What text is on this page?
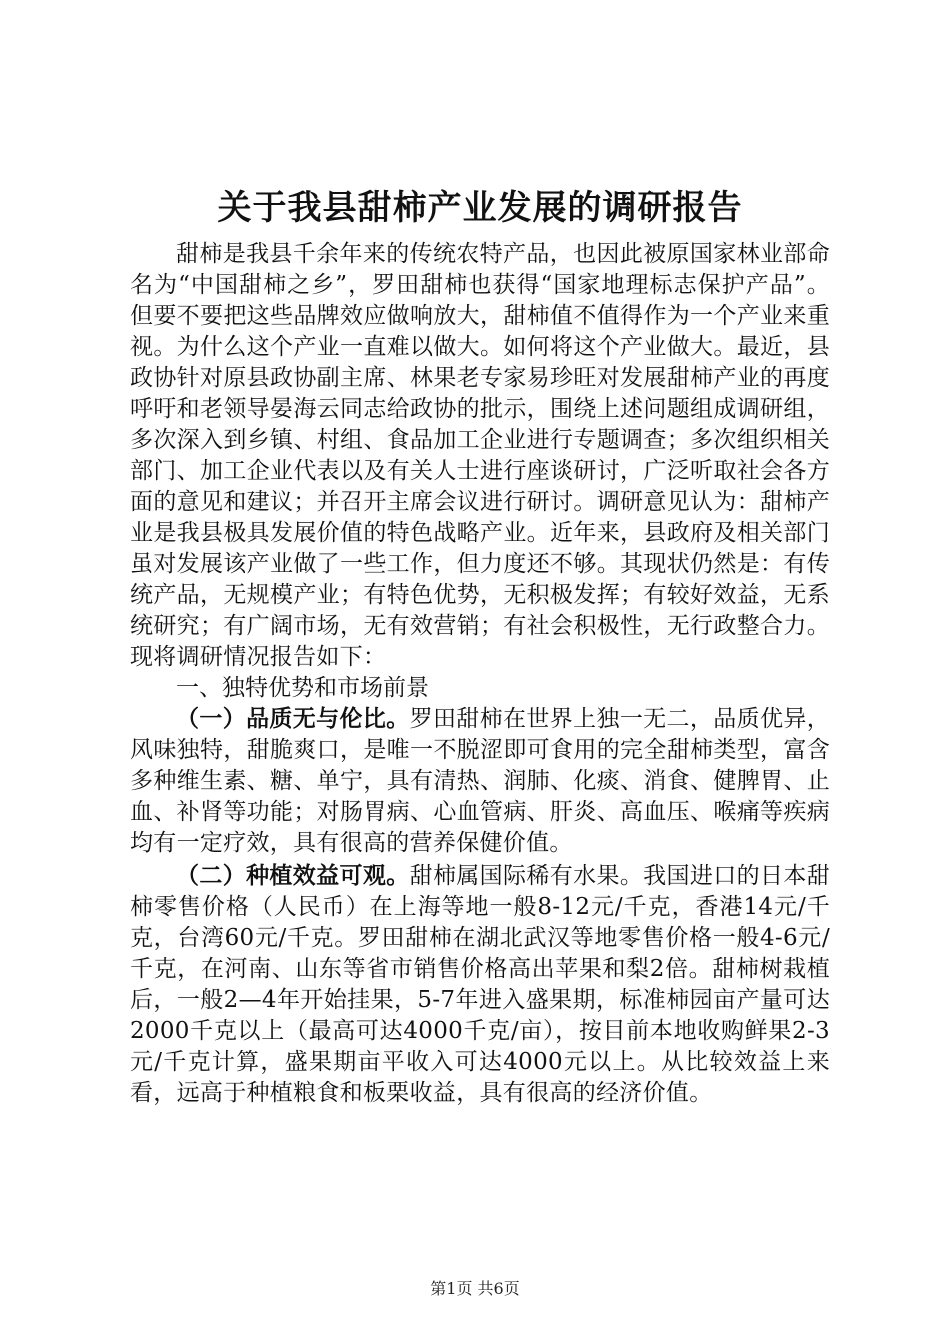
关于我县甜柿产业发展的调研报告

甜柿是我县千余年来的传统农特产品，也因此被原国家林业部命名为“中国甜柿之乡”，罗田甜柿也获得“国家地理标志保护产品”。但要不要把这些品牌效应做响放大，甜柿值不值得作为一个产业来重视。为什么这个产业一直难以做大。如何将这个产业做大。最近，县政协针对原县政协副主席、林果老专家易珍旺对发展甜柿产业的再度呼吁和老领导晏海云同志给政协的批示，围绕上述问题组成调研组，多次深入到乡镇、村组、食品加工企业进行专题调查；多次组织相关部门、加工企业代表以及有关人士进行座谈研讨，广泛听取社会各方面的意见和建议；并召开主席会议进行研讨。调研意见认为：甜柿产业是我县极具发展价值的特色战略产业。近年来，县政府及相关部门虽对发展该产业做了一些工作，但力度还不够。其现状仍然是：有传统产品，无规模产业；有特色优势，无积极发挥；有较好效益，无系统研究；有广阔市场，无有效营销；有社会积极性，无行政整合力。现将调研情况报告如下：

一、独特优势和市场前景

（一）品质无与伦比。罗田甜柿在世界上独一无二，品质优异，风味独特，甜脆爽口，是唯一不脱涩即可食用的完全甜柿类型，富含多种维生素、糖、单宁，具有清热、润肺、化痰、消食、健脾胃、止血、补肾等功能；对肠胃病、心血管病、肝炎、高血压、喉痛等疾病均有一定疗效，具有很高的营养保健价值。

（二）种植效益可观。甜柿属国际稀有水果。我国进口的日本甜柿零售价格（人民币）在上海等地一般8-12元/千克，香港14元/千克，台湾60元/千克。罗田甜柿在湖北武汉等地零售价格一般4-6元/千克，在河南、山东等省市销售价格高出苹果和梨2倍。甜柿树栽植后，一般2—4年开始挂果，5-7年进入盛果期，标准柿园亩产量可达2000千克以上（最高可达4000千克/亩），按目前本地收购鲜果2-3元/千克计算，盛果期亩平收入可达4000元以上。从比较效益上来看，远高于种植粮食和板栗收益，具有很高的经济价值。

第1页 共6页
